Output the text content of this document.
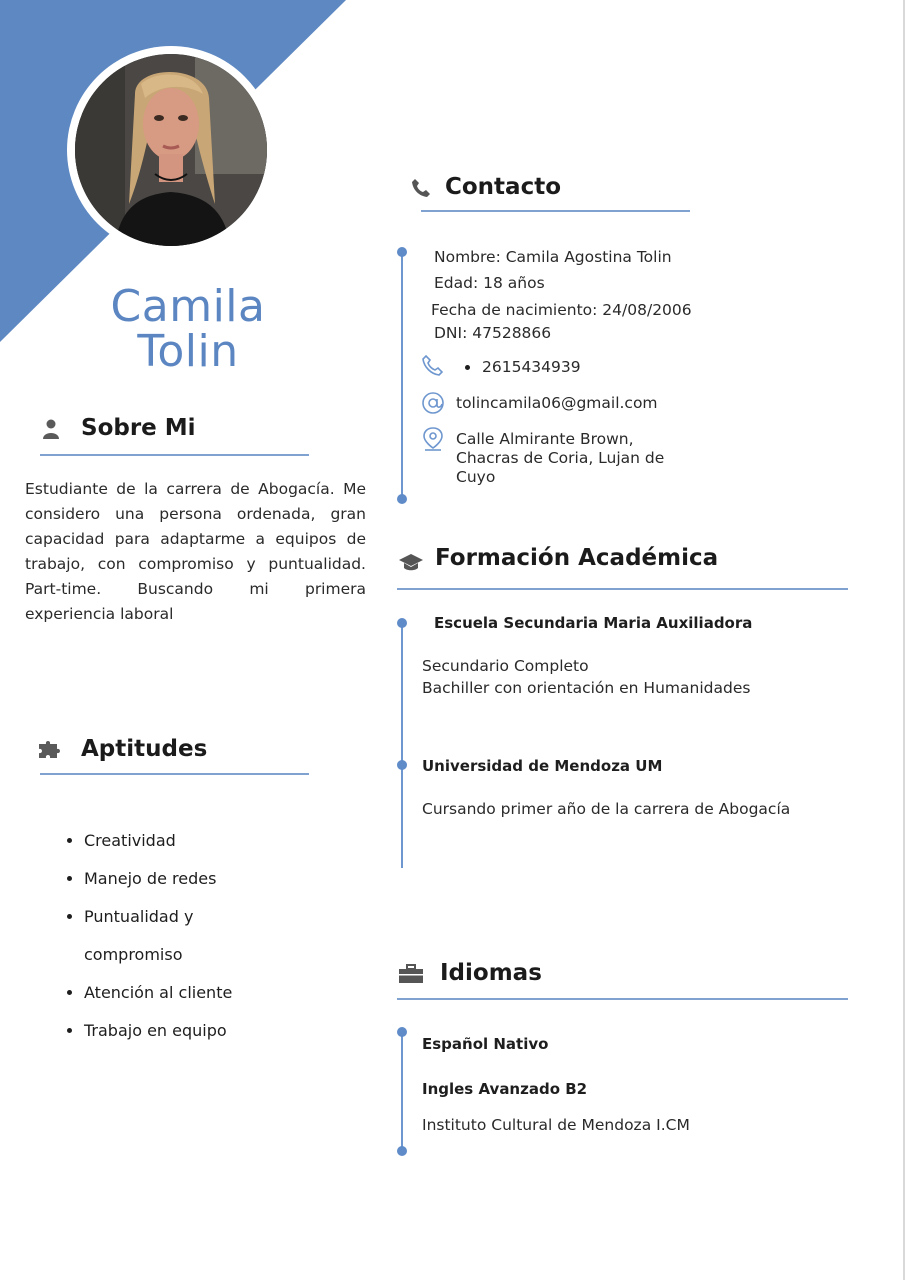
Camila
Tolin
Sobre Mi
Estudiante de la carrera de Abogacía. Me considero una persona ordenada, gran capacidad para adaptarme a equipos de trabajo, con compromiso y puntualidad. Part-time. Buscando mi primera experiencia laboral
Aptitudes
• Creatividad
• Manejo de redes
• Puntualidad y compromiso
• Atención al cliente
• Trabajo en equipo
Contacto
Nombre: Camila Agostina Tolin
Edad: 18 años
Fecha de nacimiento: 24/08/2006
DNI: 47528866
2615434939
tolincamila06@gmail.com
Calle Almirante Brown,
Chacras de Coria, Lujan de
Cuyo
Formación Académica
Escuela Secundaria Maria Auxiliadora
Secundario Completo
Bachiller con orientación en Humanidades
Universidad de Mendoza UM
Cursando primer año de la carrera de Abogacía
Idiomas
Español Nativo
Ingles Avanzado B2
Instituto Cultural de Mendoza I.CM
